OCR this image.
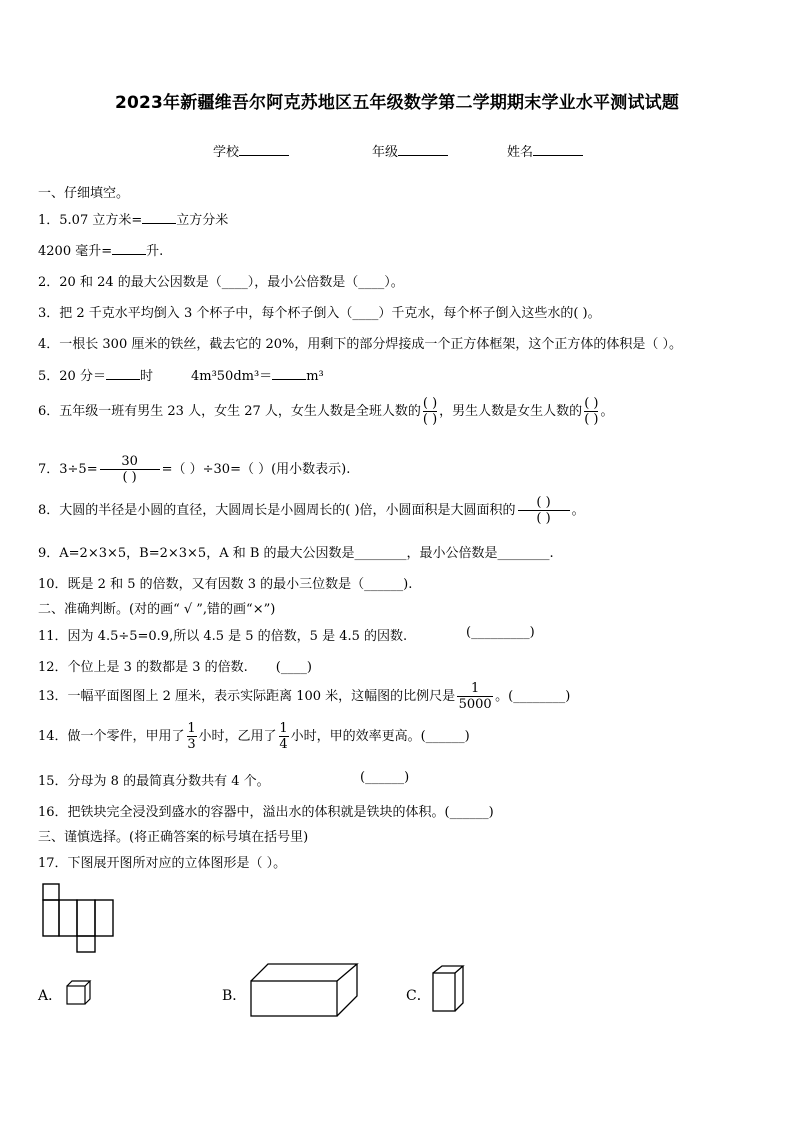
2023年新疆维吾尔阿克苏地区五年级数学第二学期期末学业水平测试试题
学校	年级	姓名
一、仔细填空。
1．5.07 立方米=	立方分米
4200 毫升=	升.
2．20 和 24 的最大公因数是（____），最小公倍数是（____）。
3．把 2 千克水平均倒入 3 个杯子中，每个杯子倒入（____）千克水，每个杯子倒入这些水的( )。
4．一根长 300 厘米的铁丝，截去它的 20%，用剩下的部分焊接成一个正方体框架，这个正方体的体积是（ ）。
5．20 分＝	时	4m³50dm³＝	m³
6．五年级一班有男生 23 人，女生 27 人，女生人数是全班人数的 $\frac{( )}{( )}$ ，男生人数是女生人数的 $\frac{( )}{( )}$ 。
7．$3\div 5= \frac{30}{( )}$ =（ ）÷30=（ ）(用小数表示).
8．大圆的半径是小圆的直径，大圆周长是小圆周长的( )倍，小圆面积是大圆面积的 $\frac{( )}{( )}$ 。
9．A=2×3×5，B=2×3×5，A 和 B 的最大公因数是________，最小公倍数是________.
10．既是 2 和 5 的倍数，又有因数 3 的最小三位数是（______).
二、准确判断。(对的画“ √ ”,错的画“×”)
11．因为 4.5÷5=0.9,所以 4.5 是 5 的倍数，5 是 4.5 的因数.	(_________)
12．个位上是 3 的数都是 3 的倍数. (____)
13．一幅平面图图上 2 厘米，表示实际距离 100 米，这幅图的比例尺是 $\frac{1}{5000}$ 。(________)
14．做一个零件，甲用了 $\frac{1}{3}$ 小时，乙用了 $\frac{1}{4}$ 小时，甲的效率更高。(______)
15．分母为 8 的最简真分数共有 4 个。	(______)
16．把铁块完全浸没到盛水的容器中，溢出水的体积就是铁块的体积。(______)
三、谨慎选择。(将正确答案的标号填在括号里)
17．下图展开图所对应的立体图形是（ ）。
A．	B．	C．
